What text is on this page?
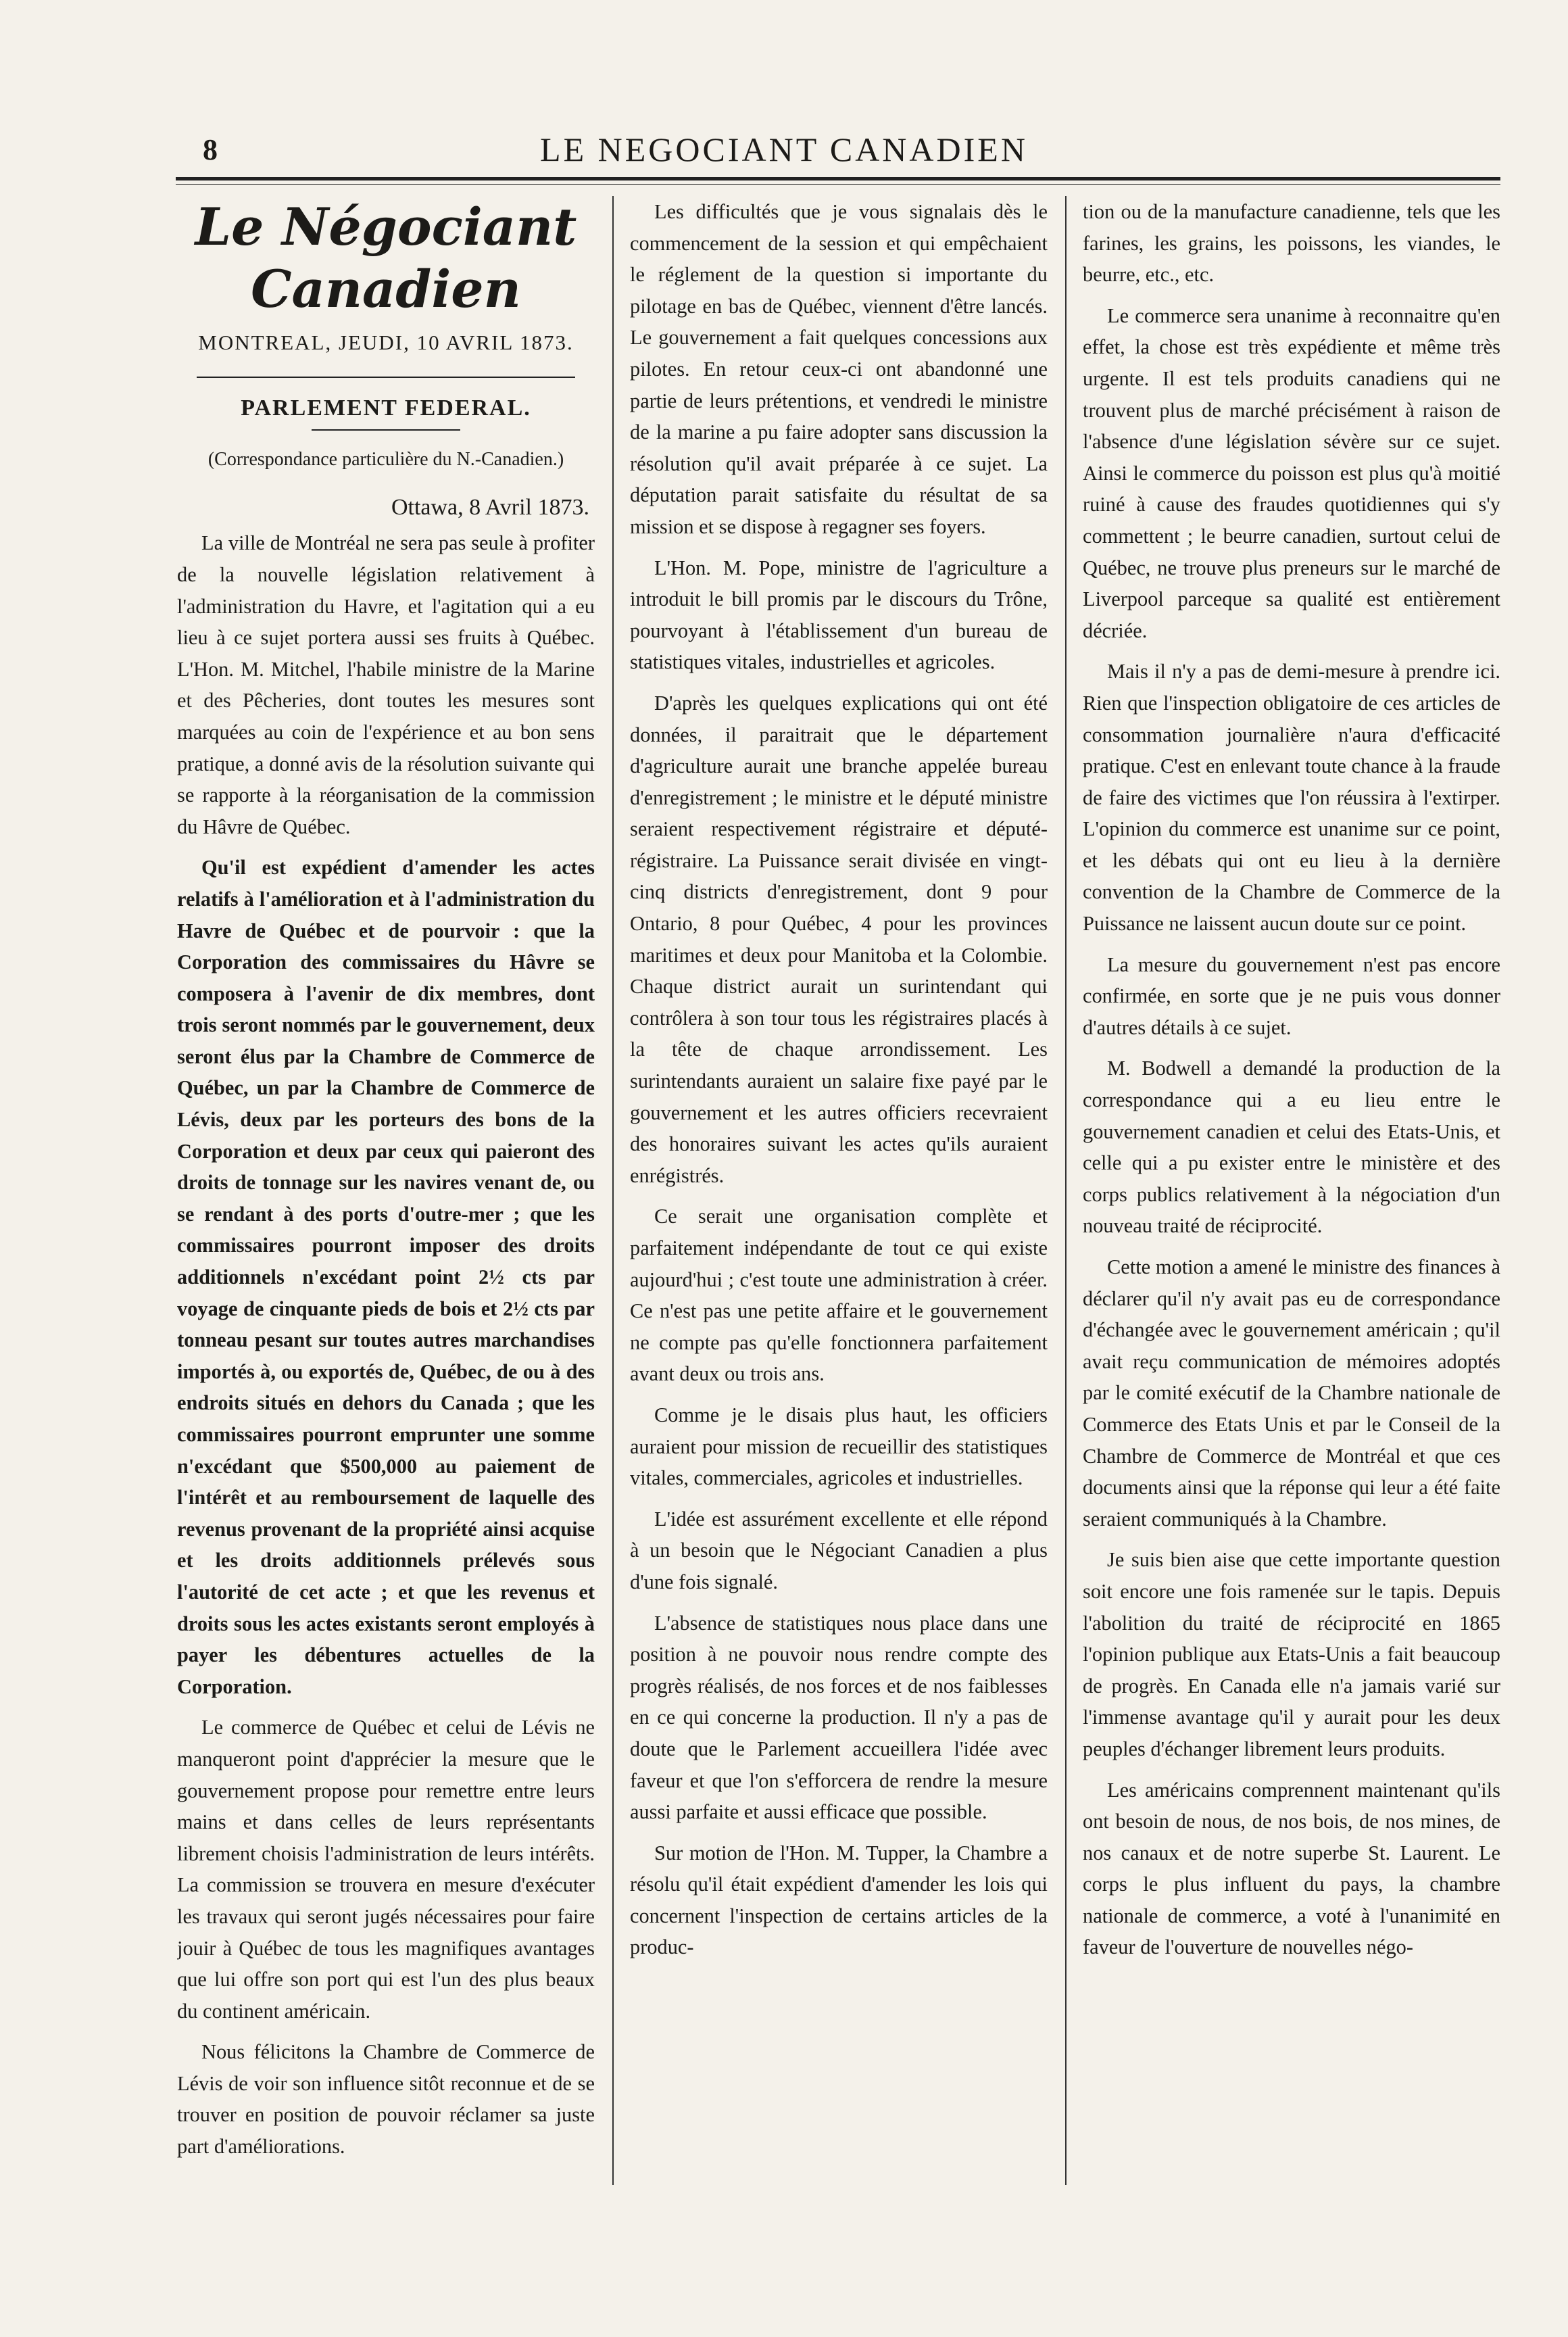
8	LE NEGOCIANT CANADIEN
Le Négociant Canadien
MONTREAL, JEUDI, 10 AVRIL 1873.
PARLEMENT FEDERAL.
(Correspondance particulière du N.-Canadien.)
Ottawa, 8 Avril 1873.

La ville de Montréal ne sera pas seule à profiter de la nouvelle législation relativement à l'administration du Havre, et l'agitation qui a eu lieu à ce sujet portera aussi ses fruits à Québec. L'Hon. M. Mitchel, l'habile ministre de la Marine et des Pêcheries, dont toutes les mesures sont marquées au coin de l'expérience et au bon sens pratique, a donné avis de la résolution suivante qui se rapporte à la réorganisation de la commission du Hâvre de Québec.

Qu'il est expédient d'amender les actes relatifs à l'amélioration et à l'administration du Havre de Québec et de pourvoir : que la Corporation des commissaires du Hâvre se composera à l'avenir de dix membres, dont trois seront nommés par le gouvernement, deux seront élus par la Chambre de Commerce de Québec, un par la Chambre de Commerce de Lévis, deux par les porteurs des bons de la Corporation et deux par ceux qui paieront des droits de tonnage sur les navires venant de, ou se rendant à des ports d'outre-mer ; que les commissaires pourront imposer des droits additionnels n'excédant point 2½ cts par voyage de cinquante pieds de bois et 2½ cts par tonneau pesant sur toutes autres marchandises importés à, ou exportés de, Québec, de ou à des endroits situés en dehors du Canada ; que les commissaires pourront emprunter une somme n'excédant que $500,000 au paiement de l'intérêt et au remboursement de laquelle des revenus provenant de la propriété ainsi acquise et les droits additionnels prélevés sous l'autorité de cet acte ; et que les revenus et droits sous les actes existants seront employés à payer les débentures actuelles de la Corporation.

Le commerce de Québec et celui de Lévis ne manqueront point d'apprécier la mesure que le gouvernement propose pour remettre entre leurs mains et dans celles de leurs représentants librement choisis l'administration de leurs intérêts. La commission se trouvera en mesure d'exécuter les travaux qui seront jugés nécessaires pour faire jouir à Québec de tous les magnifiques avantages que lui offre son port qui est l'un des plus beaux du continent américain.

Nous félicitons la Chambre de Commerce de Lévis de voir son influence sitôt reconnue et de se trouver en position de pouvoir réclamer sa juste part d'améliorations.

Les difficultés que je vous signalais dès le commencement de la session et qui empêchaient le réglement de la question si importante du pilotage en bas de Québec, viennent d'être lancés. Le gouvernement a fait quelques concessions aux pilotes. En retour ceux-ci ont abandonné une partie de leurs prétentions, et vendredi le ministre de la marine a pu faire adopter sans discussion la résolution qu'il avait préparée à ce sujet. La députation parait satisfaite du résultat de sa mission et se dispose à regagner ses foyers.

L'Hon. M. Pope, ministre de l'agriculture a introduit le bill promis par le discours du Trône, pourvoyant à l'établissement d'un bureau de statistiques vitales, industrielles et agricoles.

D'après les quelques explications qui ont été données, il paraitrait que le département d'agriculture aurait une branche appelée bureau d'enregistrement ; le ministre et le député ministre seraient respectivement régistraire et député-régistraire. La Puissance serait divisée en vingt-cinq districts d'enregistrement, dont 9 pour Ontario, 8 pour Québec, 4 pour les provinces maritimes et deux pour Manitoba et la Colombie. Chaque district aurait un surintendant qui contrôlera à son tour tous les régistraires placés à la tête de chaque arrondissement. Les surintendants auraient un salaire fixe payé par le gouvernement et les autres officiers recevraient des honoraires suivant les actes qu'ils auraient enrégistrés.

Ce serait une organisation complète et parfaitement indépendante de tout ce qui existe aujourd'hui ; c'est toute une administration à créer. Ce n'est pas une petite affaire et le gouvernement ne compte pas qu'elle fonctionnera parfaitement avant deux ou trois ans.

Comme je le disais plus haut, les officiers auraient pour mission de recueillir des statistiques vitales, commerciales, agricoles et industrielles.

L'idée est assurément excellente et elle répond à un besoin que le Négociant Canadien a plus d'une fois signalé.

L'absence de statistiques nous place dans une position à ne pouvoir nous rendre compte des progrès réalisés, de nos forces et de nos faiblesses en ce qui concerne la production. Il n'y a pas de doute que le Parlement accueillera l'idée avec faveur et que l'on s'efforcera de rendre la mesure aussi parfaite et aussi efficace que possible.

Sur motion de l'Hon. M. Tupper, la Chambre a résolu qu'il était expédient d'amender les lois qui concernent l'inspection de certains articles de la produc-

tion ou de la manufacture canadienne, tels que les farines, les grains, les poissons, les viandes, le beurre, etc., etc.

Le commerce sera unanime à reconnaitre qu'en effet, la chose est très expédiente et même très urgente. Il est tels produits canadiens qui ne trouvent plus de marché précisément à raison de l'absence d'une législation sévère sur ce sujet. Ainsi le commerce du poisson est plus qu'à moitié ruiné à cause des fraudes quotidiennes qui s'y commettent ; le beurre canadien, surtout celui de Québec, ne trouve plus preneurs sur le marché de Liverpool parceque sa qualité est entièrement décriée.

Mais il n'y a pas de demi-mesure à prendre ici. Rien que l'inspection obligatoire de ces articles de consommation journalière n'aura d'efficacité pratique. C'est en enlevant toute chance à la fraude de faire des victimes que l'on réussira à l'extirper. L'opinion du commerce est unanime sur ce point, et les débats qui ont eu lieu à la dernière convention de la Chambre de Commerce de la Puissance ne laissent aucun doute sur ce point.

La mesure du gouvernement n'est pas encore confirmée, en sorte que je ne puis vous donner d'autres détails à ce sujet.

M. Bodwell a demandé la production de la correspondance qui a eu lieu entre le gouvernement canadien et celui des Etats-Unis, et celle qui a pu exister entre le ministère et des corps publics relativement à la négociation d'un nouveau traité de réciprocité.

Cette motion a amené le ministre des finances à déclarer qu'il n'y avait pas eu de correspondance d'échangée avec le gouvernement américain ; qu'il avait reçu communication de mémoires adoptés par le comité exécutif de la Chambre nationale de Commerce des Etats Unis et par le Conseil de la Chambre de Commerce de Montréal et que ces documents ainsi que la réponse qui leur a été faite seraient communiqués à la Chambre.

Je suis bien aise que cette importante question soit encore une fois ramenée sur le tapis. Depuis l'abolition du traité de réciprocité en 1865 l'opinion publique aux Etats-Unis a fait beaucoup de progrès. En Canada elle n'a jamais varié sur l'immense avantage qu'il y aurait pour les deux peuples d'échanger librement leurs produits.

Les américains comprennent maintenant qu'ils ont besoin de nous, de nos bois, de nos mines, de nos canaux et de notre superbe St. Laurent. Le corps le plus influent du pays, la chambre nationale de commerce, a voté à l'unanimité en faveur de l'ouverture de nouvelles négo-
